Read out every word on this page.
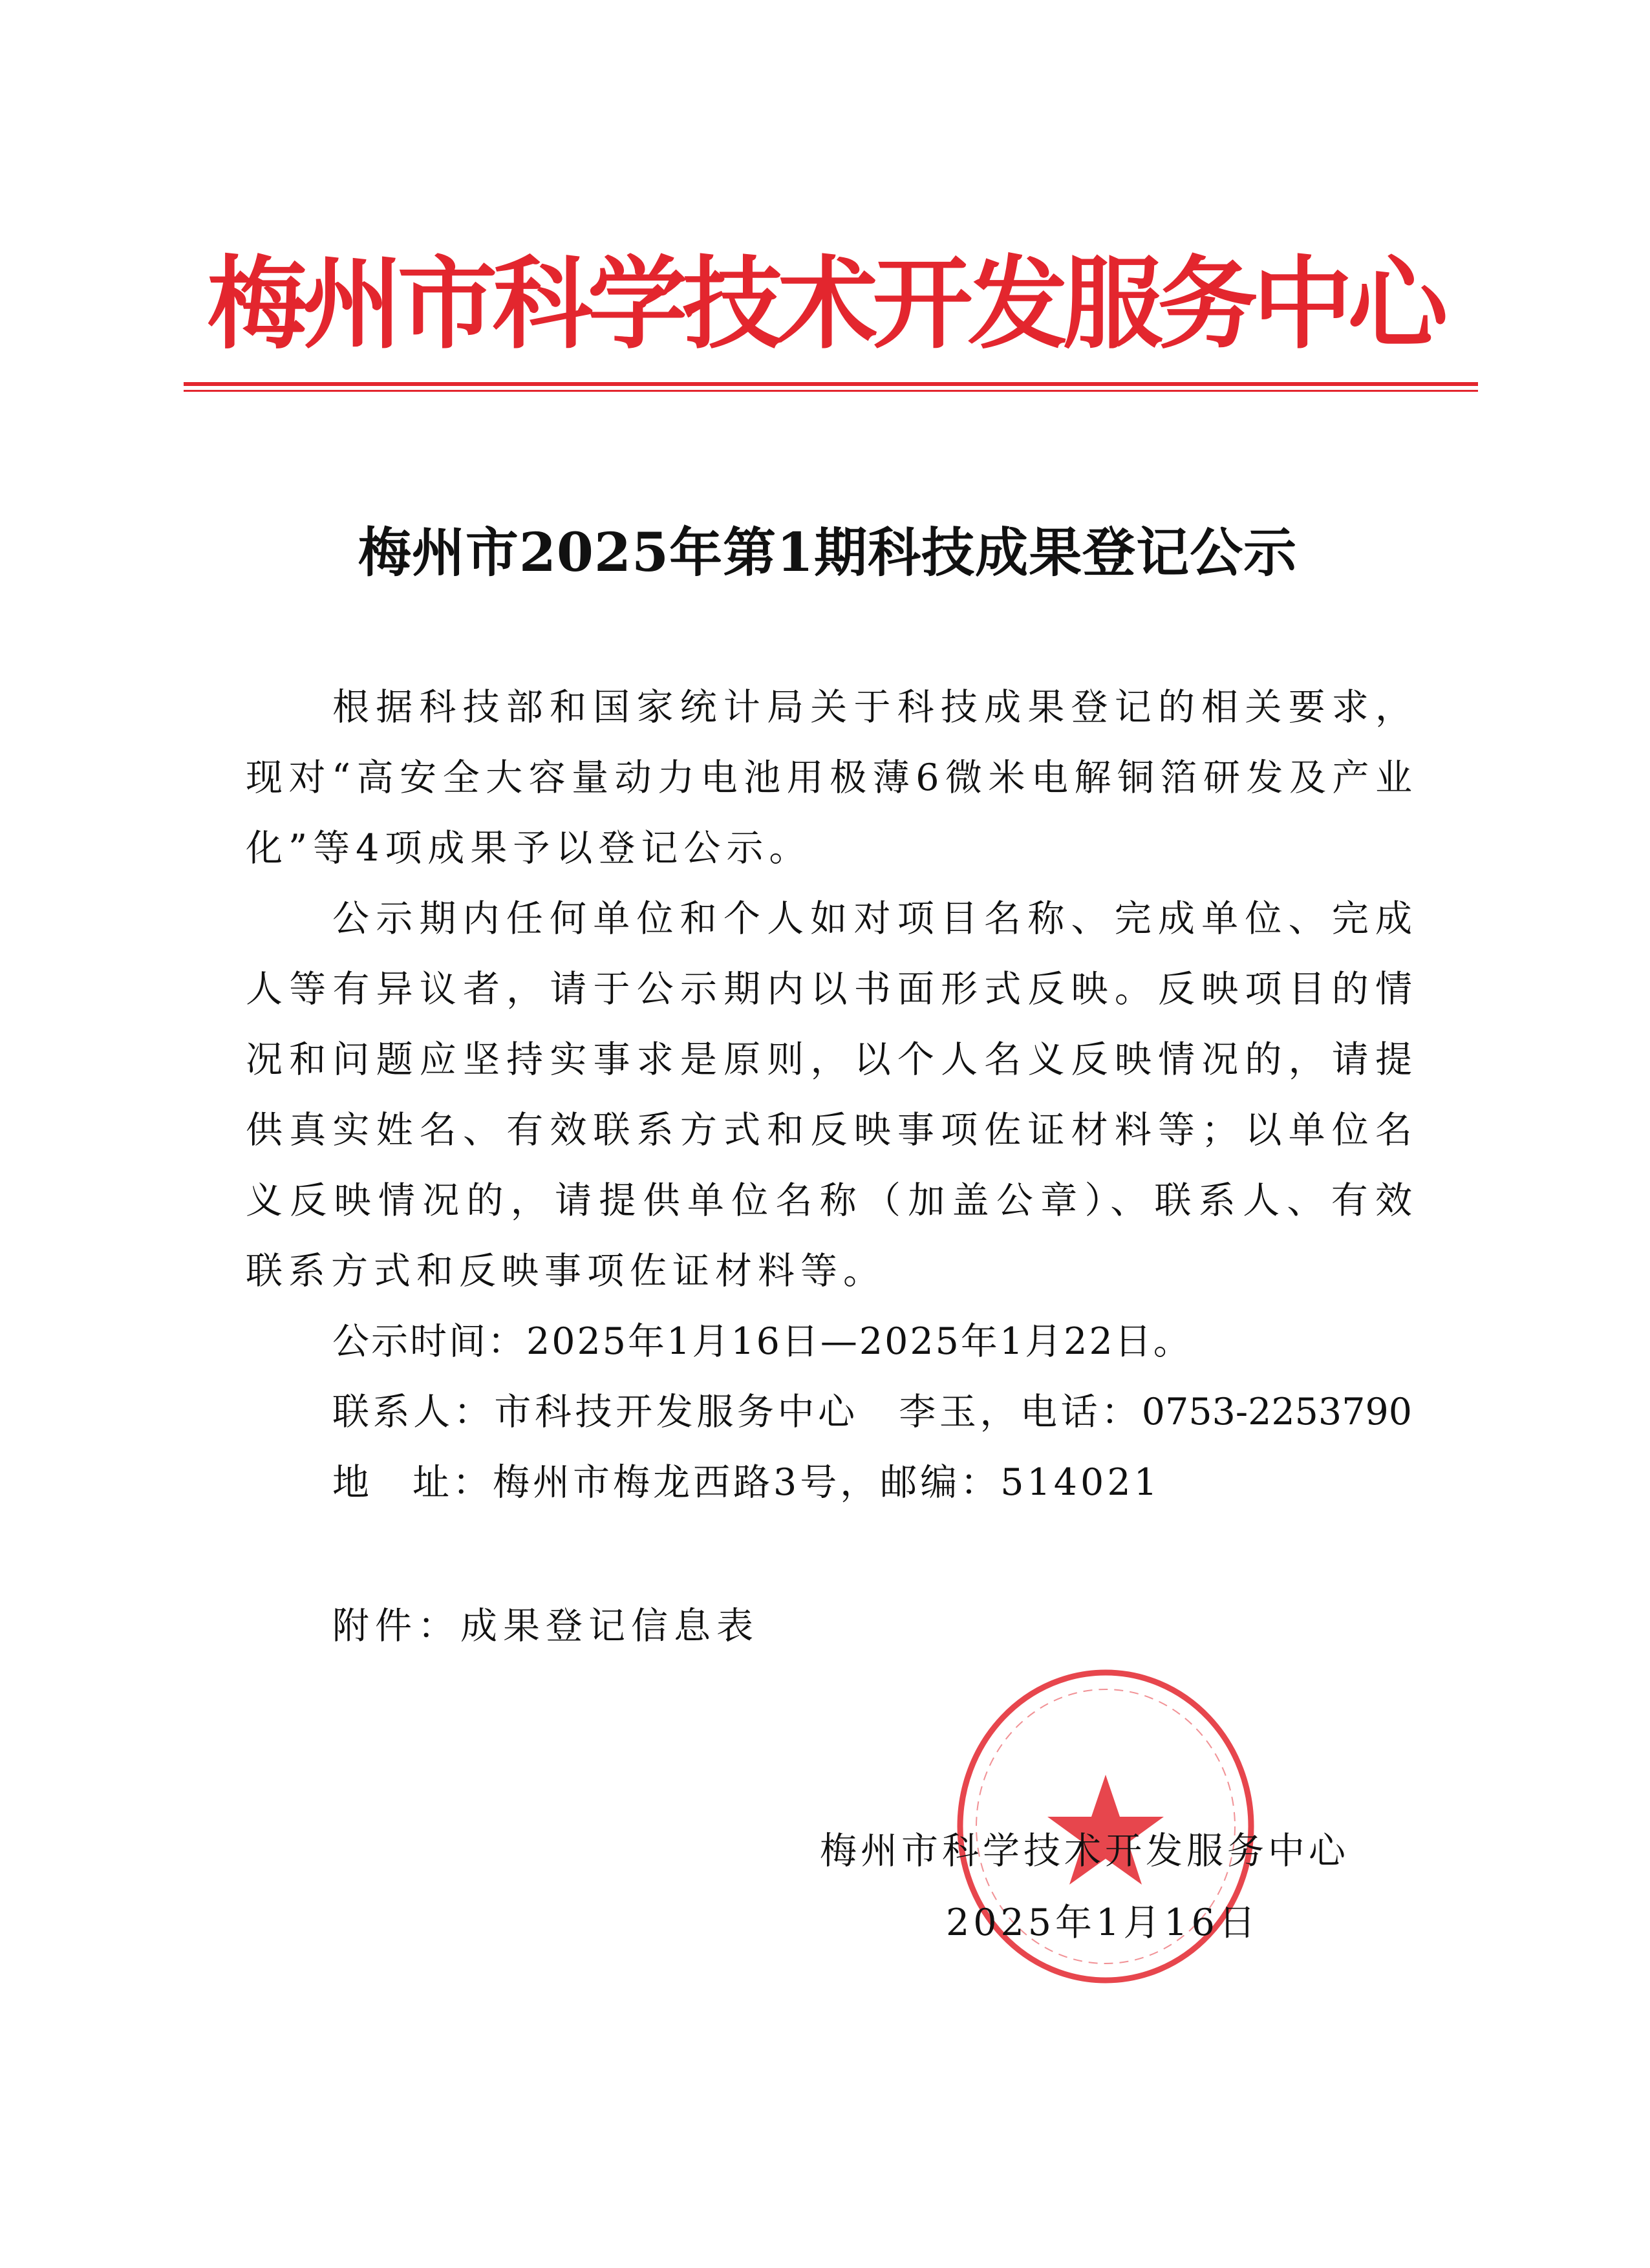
梅州市科学技术开发服务中心
梅州市2025年第1期科技成果登记公示
根据科技部和国家统计局关于科技成果登记的相关要求，
现对“高安全大容量动力电池用极薄6微米电解铜箔研发及产业
化”等4项成果予以登记公示。
公示期内任何单位和个人如对项目名称、完成单位、完成
人等有异议者，请于公示期内以书面形式反映。反映项目的情
况和问题应坚持实事求是原则，以个人名义反映情况的，请提
供真实姓名、有效联系方式和反映事项佐证材料等；以单位名
义反映情况的，请提供单位名称（加盖公章）、联系人、有效
联系方式和反映事项佐证材料等。
公示时间：2025年1月16日—2025年1月22日。
联系人：市科技开发服务中心　李玉，电话：0753-2253790
地　址：梅州市梅龙西路3号，邮编：514021
附件：成果登记信息表
梅州市科学技术开发服务中心
2025年1月16日
